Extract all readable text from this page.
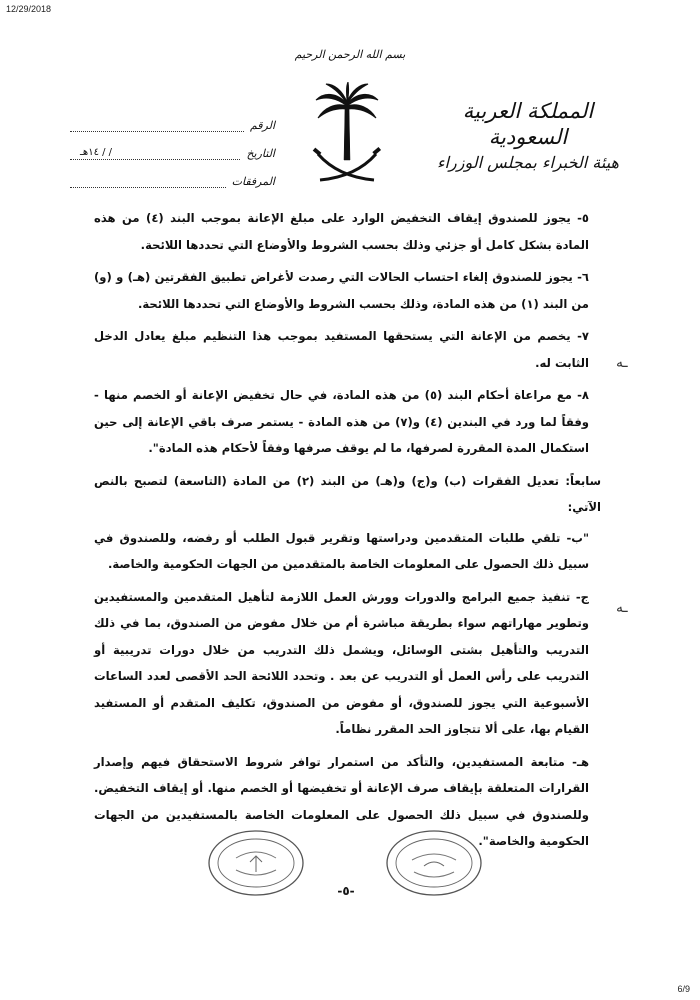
12/29/2018
بسم الله الرحمن الرحيم
المملكة العربية السعودية
هيئة الخبراء بمجلس الوزراء
الرقم
التاريخ
/ / ١٤هـ
المرفقات

٥- يجوز للصندوق إيقاف التخفيض الوارد على مبلغ الإعانة بموجب البند (٤) من هذه المادة بشكل كامل أو جزئي وذلك بحسب الشروط والأوضاع التي تحددها اللائحة.

٦- يجوز للصندوق إلغاء احتساب الحالات التي رصدت لأغراض تطبيق الفقرتين (هـ) و (و) من البند (١) من هذه المادة، وذلك بحسب الشروط والأوضاع التي تحددها اللائحة.

٧- يخصم من الإعانة التي يستحقها المستفيد بموجب هذا التنظيم مبلغ يعادل الدخل الثابت له.

٨- مع مراعاة أحكام البند (٥) من هذه المادة، في حال تخفيض الإعانة أو الخصم منها - وفقاً لما ورد في البندين (٤) و(٧) من هذه المادة - يستمر صرف باقي الإعانة إلى حين استكمال المدة المقررة لصرفها، ما لم يوقف صرفها وفقاً لأحكام هذه المادة".

سابعاً: تعديل الفقرات (ب) و(ج) و(هـ) من البند (٢) من المادة (التاسعة) لتصبح بالنص الآتي:

"ب- تلقي طلبات المتقدمين ودراستها وتقرير قبول الطلب أو رفضه، وللصندوق في سبيل ذلك الحصول على المعلومات الخاصة بالمتقدمين من الجهات الحكومية والخاصة.

ج- تنفيذ جميع البرامج والدورات وورش العمل اللازمة لتأهيل المتقدمين والمستفيدين وتطوير مهاراتهم سواء بطريقة مباشرة أم من خلال مفوض من الصندوق، بما في ذلك التدريب والتأهيل بشتى الوسائل، ويشمل ذلك التدريب من خلال دورات تدريبية أو التدريب على رأس العمل أو التدريب عن بعد . وتحدد اللائحة الحد الأقصى لعدد الساعات الأسبوعية التي يجوز للصندوق، أو مفوض من الصندوق، تكليف المتقدم أو المستفيد القيام بها، على ألا تتجاوز الحد المقرر نظاماً.

هـ- متابعة المستفيدين، والتأكد من استمرار توافر شروط الاستحقاق فيهم وإصدار القرارات المتعلقة بإيقاف صرف الإعانة أو تخفيضها أو الخصم منها. أو إيقاف التخفيض. وللصندوق في سبيل ذلك الحصول على المعلومات الخاصة بالمستفيدين من الجهات الحكومية والخاصة".

ـه
ـه
-٥-
6/9
